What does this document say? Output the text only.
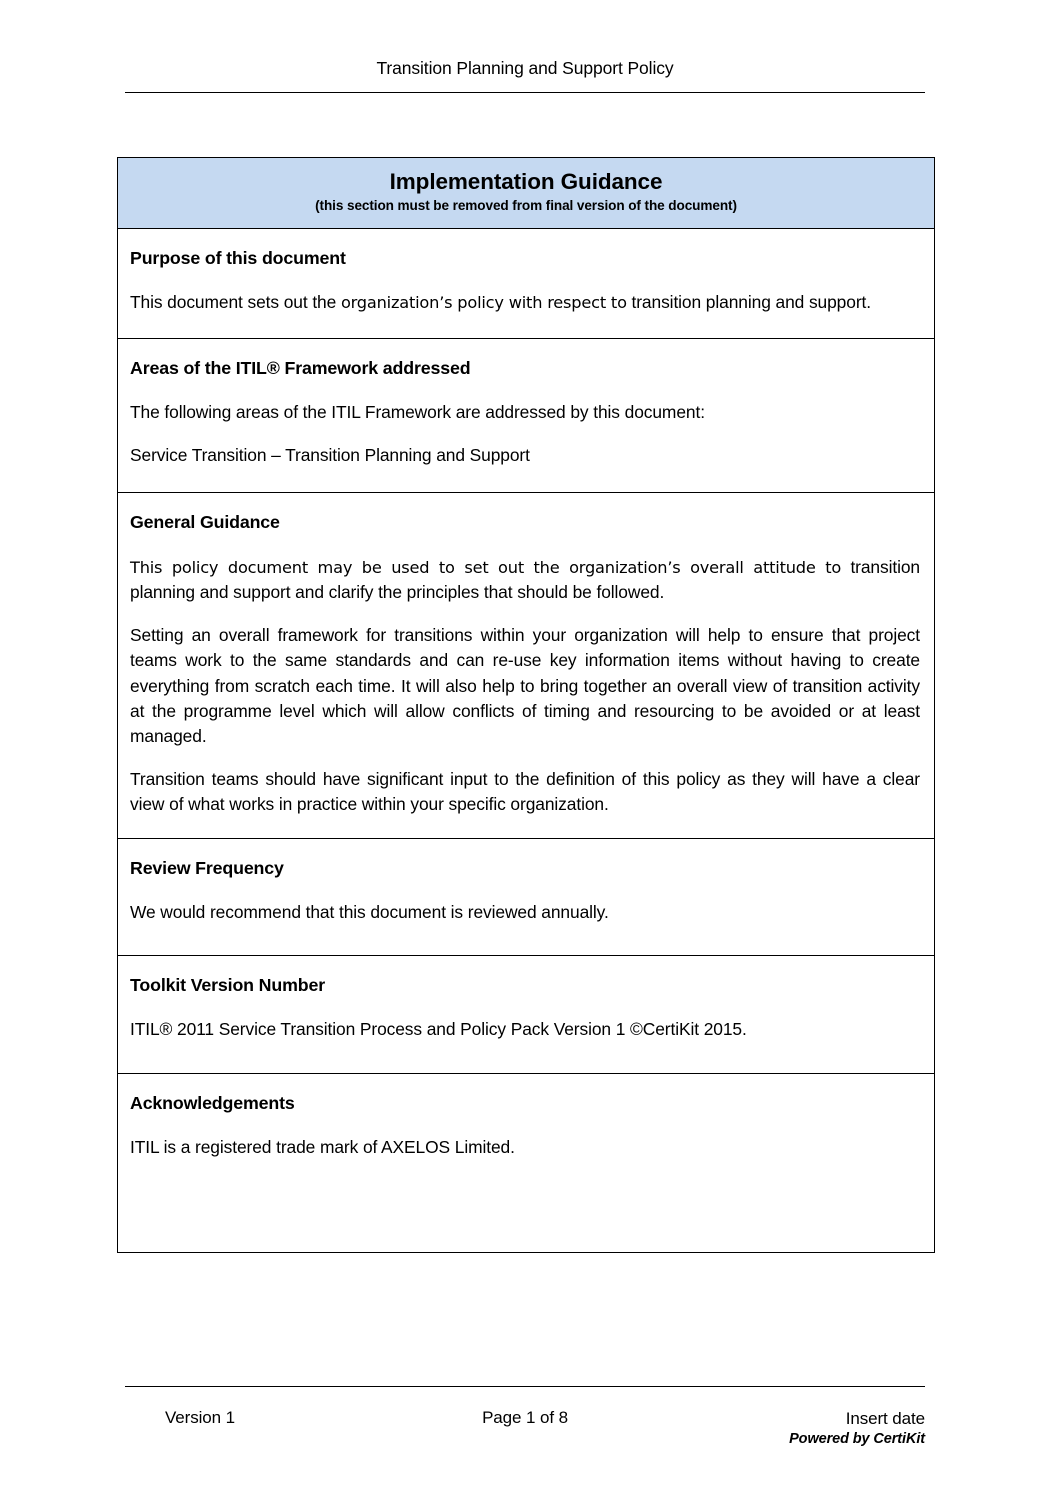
Transition Planning and Support Policy
Implementation Guidance
(this section must be removed from final version of the document)
Purpose of this document

This document sets out the organization’s policy with respect to transition planning and support.

Areas of the ITIL® Framework addressed

The following areas of the ITIL Framework are addressed by this document:

Service Transition – Transition Planning and Support

General Guidance

This policy document may be used to set out the organization’s overall attitude to transition planning and support and clarify the principles that should be followed.

Setting an overall framework for transitions within your organization will help to ensure that project teams work to the same standards and can re-use key information items without having to create everything from scratch each time. It will also help to bring together an overall view of transition activity at the programme level which will allow conflicts of timing and resourcing to be avoided or at least managed.

Transition teams should have significant input to the definition of this policy as they will have a clear view of what works in practice within your specific organization.

Review Frequency

We would recommend that this document is reviewed annually.

Toolkit Version Number

ITIL® 2011 Service Transition Process and Policy Pack Version 1 ©CertiKit 2015.

Acknowledgements

ITIL is a registered trade mark of AXELOS Limited.

Version 1	Page 1 of 8	Insert date
Powered by CertiKit
